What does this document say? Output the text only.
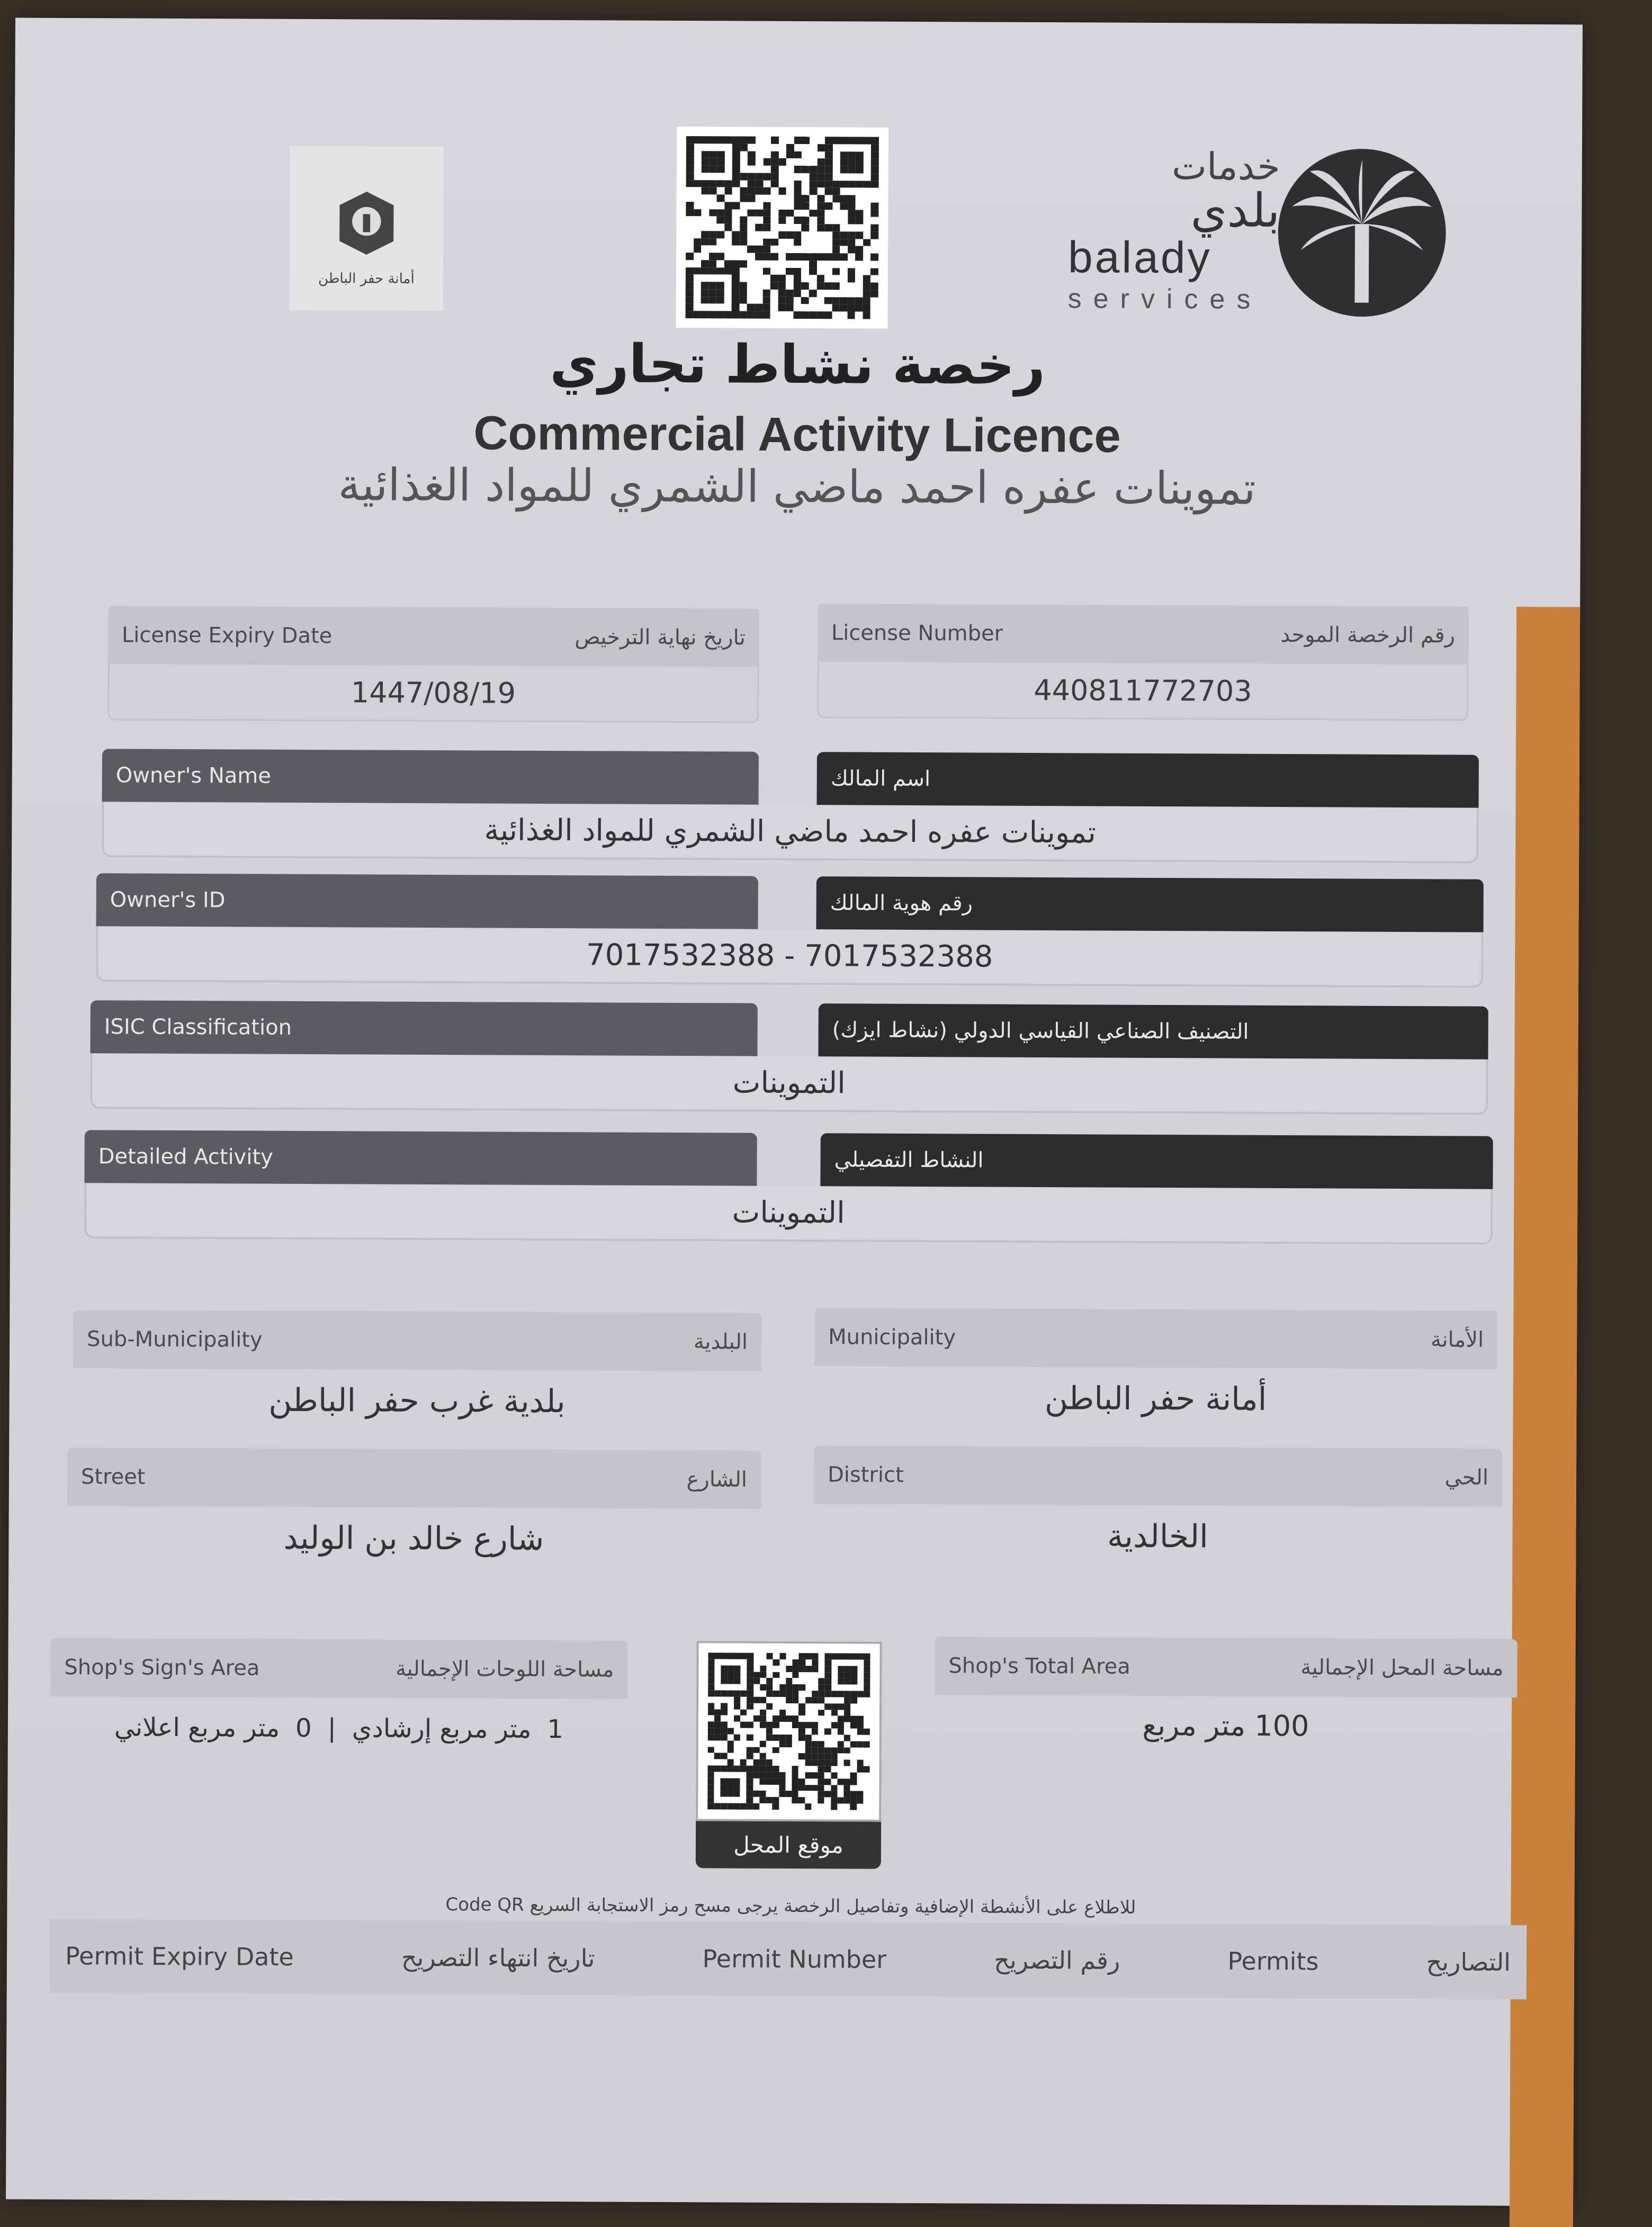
أمانة حفر الباطن
خدمات
بلدي
balady
services
رخصة نشاط تجاري
Commercial Activity Licence
تموينات عفره احمد ماضي الشمري للمواد الغذائية
License Expiry Date	تاريخ نهاية الترخيص
1447/08/19
License Number	رقم الرخصة الموحد
440811772703
Owner's Name	اسم المالك
تموينات عفره احمد ماضي الشمري للمواد الغذائية
Owner's ID	رقم هوية المالك
7017532388 - 7017532388
ISIC Classification	التصنيف الصناعي القياسي الدولي (نشاط ايزك)
التموينات
Detailed Activity	النشاط التفصيلي
التموينات
Sub-Municipality	البلدية
بلدية غرب حفر الباطن
Municipality	الأمانة
أمانة حفر الباطن
Street	الشارع
شارع خالد بن الوليد
District	الحي
الخالدية
Shop's Sign's Area	مساحة اللوحات الإجمالية
1
متر مربع إرشادي
|
0
متر مربع اعلاني
موقع المحل
Shop's Total Area	مساحة المحل الإجمالية
100 متر مربع
للاطلاع على الأنشطة الإضافية وتفاصيل الرخصة يرجى مسح رمز الاستجابة السريع Code QR
Permit Expiry Date	تاريخ انتهاء التصريح	Permit Number	رقم التصريح	Permits	التصاريح
